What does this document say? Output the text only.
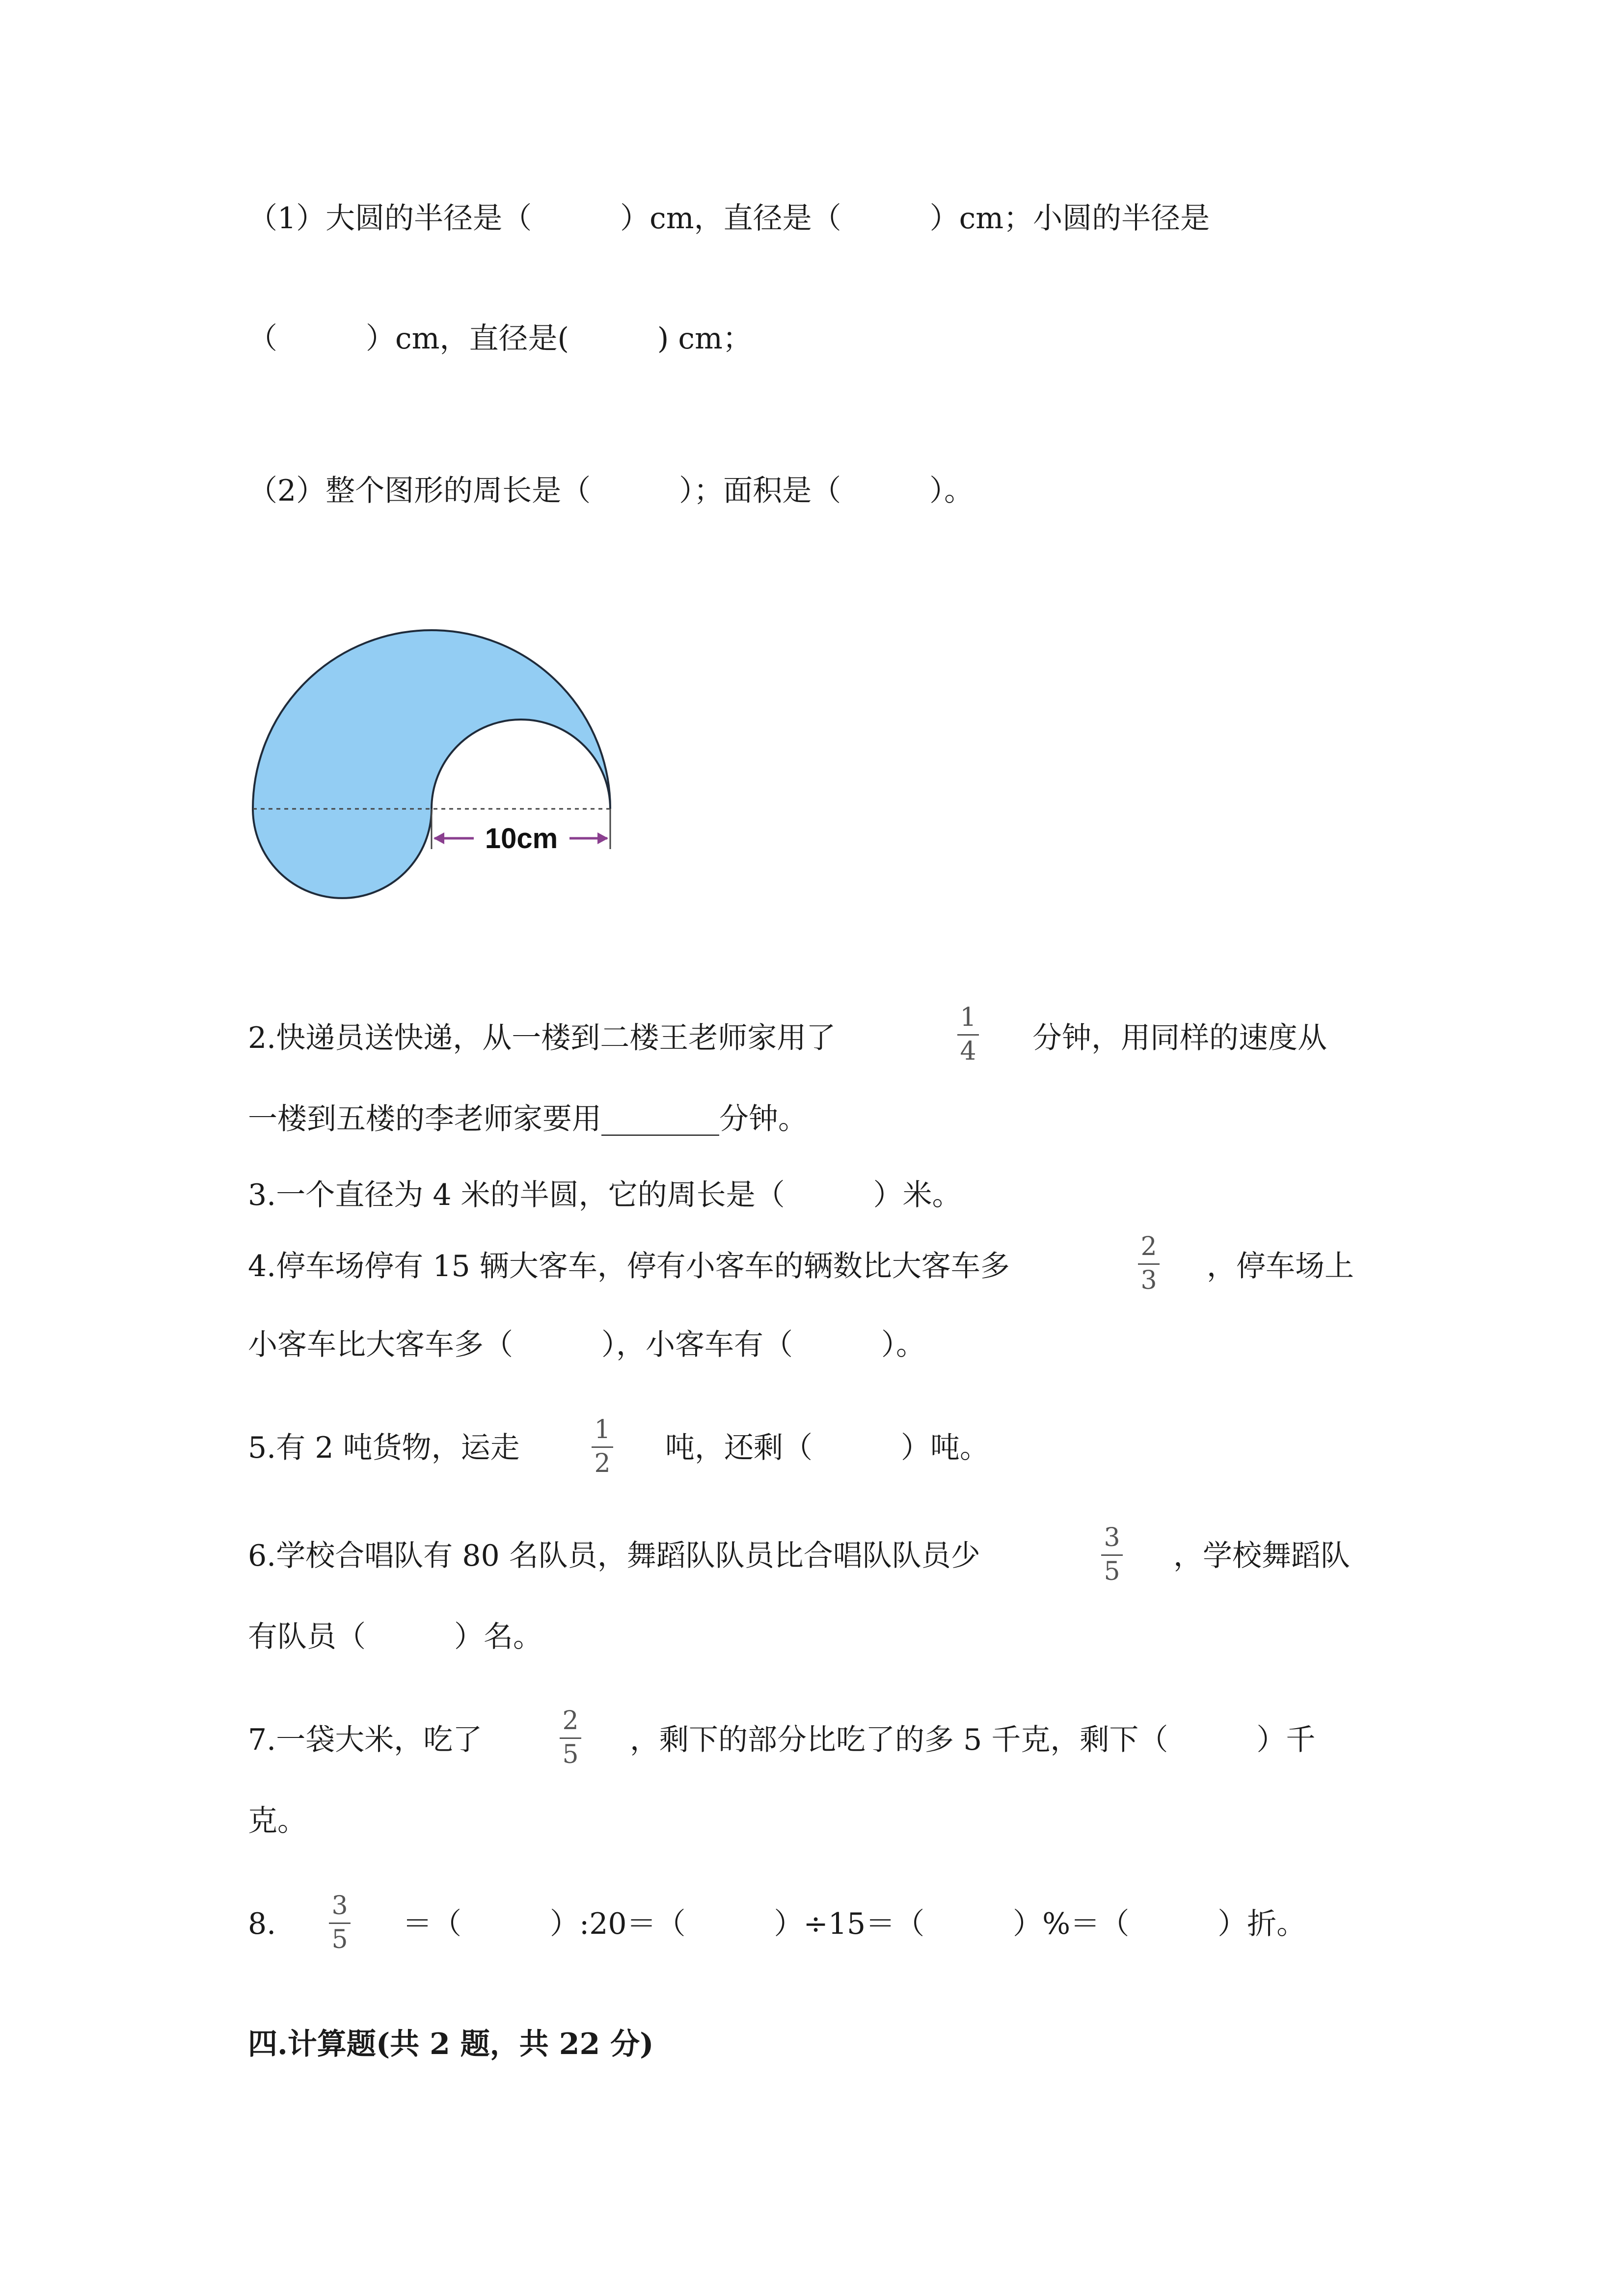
（1）大圆的半径是（　　　）cm，直径是（　　　）cm；小圆的半径是
（　　　）cm，直径是(　　　) cm；
（2）整个图形的周长是（　　　）；面积是（　　　）。
10cm
2.快递员送快递，从一楼到二楼王老师家用了
1
4 分钟，用同样的速度从
一楼到五楼的李老师家要用________分钟。
3.一个直径为 4 米的半圆，它的周长是（　　　）米。
4.停车场停有 15 辆大客车，停有小客车的辆数比大客车多
2
3 ，停车场上
小客车比大客车多（　　　），小客车有（　　　）。
5.有 2 吨货物，运走
1
2 吨，还剩（　　　）吨。
6.学校合唱队有 80 名队员，舞蹈队队员比合唱队队员少
3
5 ，学校舞蹈队
有队员（　　　）名。
7.一袋大米，吃了
2
5 ，剩下的部分比吃了的多 5 千克，剩下（　　　）千
克。
8.
3
5 ＝（　　　）:20＝（　　　）÷15＝（　　　）%＝（　　　）折。
四.计算题(共 2 题，共 22 分)
